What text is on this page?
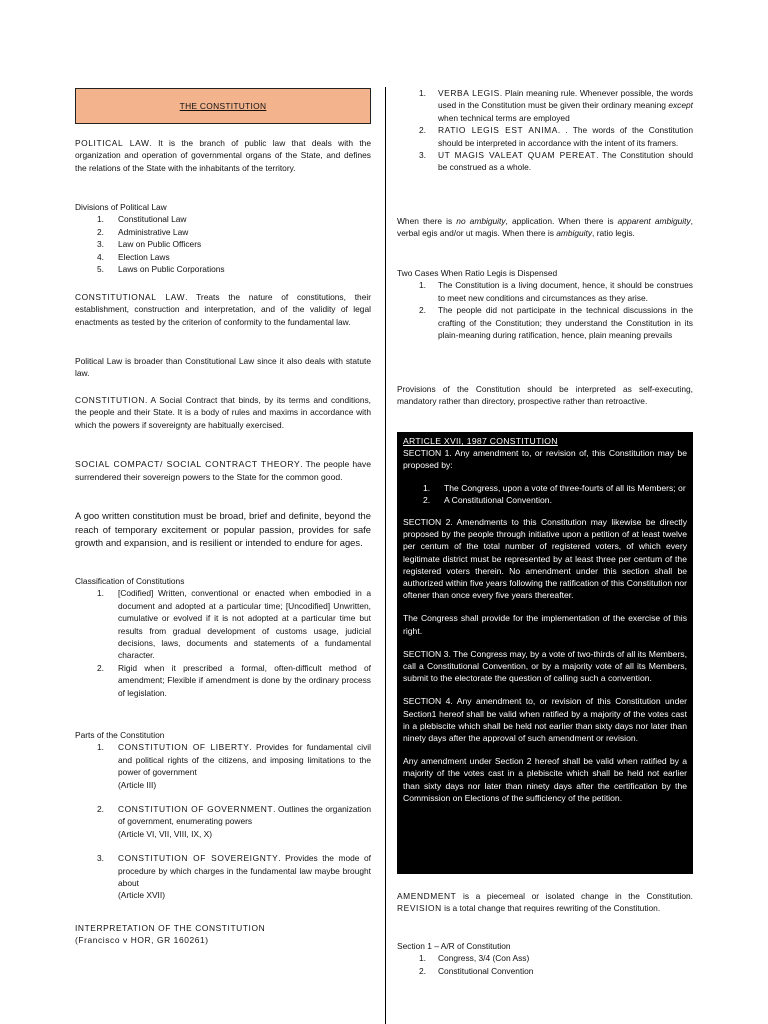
THE CONSTITUTION

POLITICAL LAW. It is the branch of public law that deals with the organization and operation of governmental organs of the State, and defines the relations of the State with the inhabitants of the territory.

Divisions of Political Law

1. Constitutional Law
2. Administrative Law
3. Law on Public Officers
4. Election Laws
5. Laws on Public Corporations

CONSTITUTIONAL LAW. Treats the nature of constitutions, their establishment, construction and interpretation, and of the validity of legal enactments as tested by the criterion of conformity to the fundamental law.

Political Law is broader than Constitutional Law since it also deals with statute law.

CONSTITUTION. A Social Contract that binds, by its terms and conditions, the people and their State. It is a body of rules and maxims in accordance with which the powers if sovereignty are habitually exercised.

SOCIAL COMPACT/ SOCIAL CONTRACT THEORY. The people have surrendered their sovereign powers to the State for the common good.

A goo written constitution must be broad, brief and definite, beyond the reach of temporary excitement or popular passion, provides for safe growth and expansion, and is resilient or intended to endure for ages.

Classification of Constitutions

1. [Codified] Written, conventional or enacted when embodied in a document and adopted at a particular time; [Uncodified] Unwritten, cumulative or evolved if it is not adopted at a particular time but results from gradual development of customs usage, judicial decisions, laws, documents and statements of a fundamental character.
2. Rigid when it prescribed a formal, often-difficult method of amendment; Flexible if amendment is done by the ordinary process of legislation.

Parts of the Constitution

1. CONSTITUTION OF LIBERTY. Provides for fundamental civil and political rights of the citizens, and imposing limitations to the power of government
(Article III)
2. CONSTITUTION OF GOVERNMENT. Outlines the organization of government, enumerating powers
(Article VI, VII, VIII, IX, X)
3. CONSTITUTION OF SOVEREIGNTY. Provides the mode of procedure by which charges in the fundamental law maybe brought about
(Article XVII)

INTERPRETATION OF THE CONSTITUTION

(Francisco v HOR, GR 160261)

1. VERBA LEGIS. Plain meaning rule. Whenever possible, the words used in the Constitution must be given their ordinary meaning except when technical terms are employed
2. RATIO LEGIS EST ANIMA. . The words of the Constitution should be interpreted in accordance with the intent of its framers.
3. UT MAGIS VALEAT QUAM PEREAT. The Constitution should be construed as a whole.

When there is no ambiguity, application. When there is apparent ambiguity, verbal egis and/or ut magis. When there is ambiguity, ratio legis.

Two Cases When Ratio Legis is Dispensed

1. The Constitution is a living document, hence, it should be construes to meet new conditions and circumstances as they arise.
2. The people did not participate in the technical discussions in the crafting of the Constitution; they understand the Constitution in its plain-meaning during ratification, hence, plain meaning prevails

Provisions of the Constitution should be interpreted as self-executing, mandatory rather than directory, prospective rather than retroactive.

ARTICLE XVII, 1987 CONSTITUTION

SECTION 1. Any amendment to, or revision of, this Constitution may be proposed by:

1. The Congress, upon a vote of three-fourts of all its Members; or
2. A Constitutional Convention.

SECTION 2. Amendments to this Constitution may likewise be directly proposed by the people through initiative upon a petition of at least twelve per centum of the total number of registered voters, of which every legitimate district must be represented by at least three per centum of the registered voters therein. No amendment under this section shall be authorized within five years following the ratification of this Constitution nor oftener than once every five years thereafter.

The Congress shall provide for the implementation of the exercise of this right.

SECTION 3. The Congress may, by a vote of two-thirds of all its Members, call a Constitutional Convention, or by a majority vote of all its Members, submit to the electorate the question of calling such a convention.

SECTION 4. Any amendment to, or revision of this Constitution under Section1 hereof shall be valid when ratified by a majority of the votes cast in a plebiscite which shall be held not earlier than sixty days nor later than ninety days after the approval of such amendment or revision.

Any amendment under Section 2 hereof shall be valid when ratified by a majority of the votes cast in a plebiscite which shall be held not earlier than sixty days nor later than ninety days after the certification by the Commission on Elections of the sufficiency of the petition.

AMENDMENT is a piecemeal or isolated change in the Constitution. REVISION is a total change that requires rewriting of the Constitution.

Section 1 – A/R of Constitution

1. Congress, 3/4 (Con Ass)
2. Constitutional Convention
